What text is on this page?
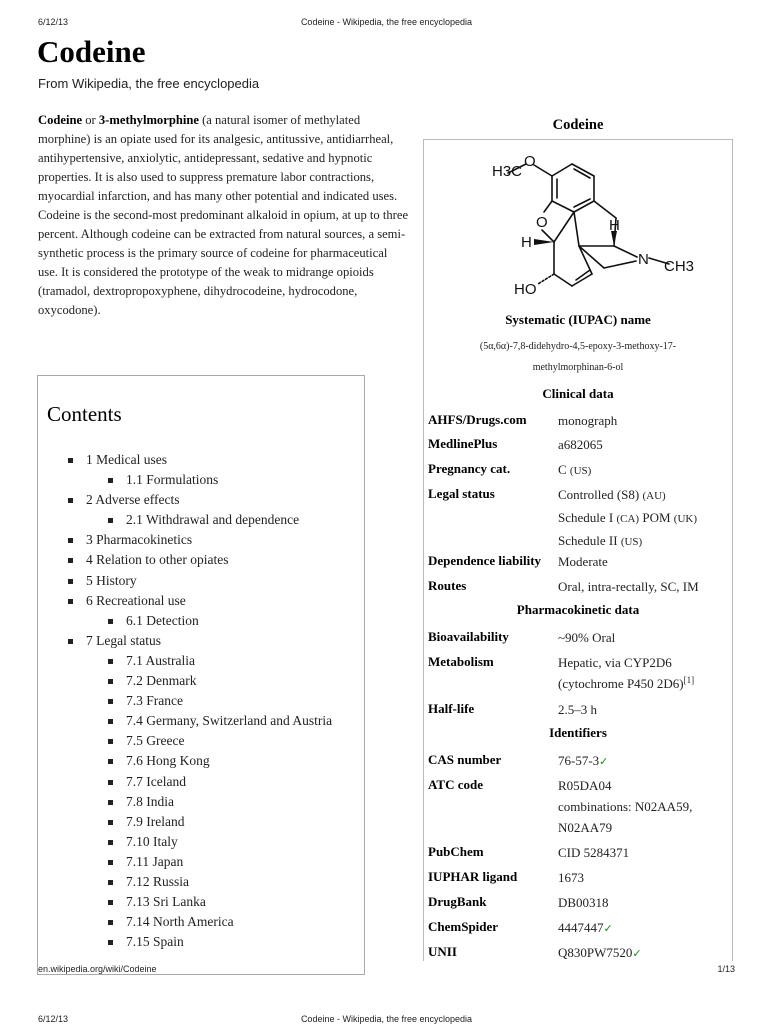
6/12/13	Codeine - Wikipedia, the free encyclopedia
Codeine
From Wikipedia, the free encyclopedia

Codeine or 3-methylmorphine (a natural isomer of methylated morphine) is an opiate used for its analgesic, antitussive, antidiarrheal, antihypertensive, anxiolytic, antidepressant, sedative and hypnotic properties. It is also used to suppress premature labor contractions, myocardial infarction, and has many other potential and indicated uses. Codeine is the second-most predominant alkaloid in opium, at up to three percent. Although codeine can be extracted from natural sources, a semi-synthetic process is the primary source of codeine for pharmaceutical use. It is considered the prototype of the weak to midrange opioids (tramadol, dextropropoxyphene, dihydrocodeine, hydrocodone, oxycodone).

Contents
1 Medical uses
1.1 Formulations
2 Adverse effects
2.1 Withdrawal and dependence
3 Pharmacokinetics
4 Relation to other opiates
5 History
6 Recreational use
6.1 Detection
7 Legal status
7.1 Australia
7.2 Denmark
7.3 France
7.4 Germany, Switzerland and Austria
7.5 Greece
7.6 Hong Kong
7.7 Iceland
7.8 India
7.9 Ireland
7.10 Italy
7.11 Japan
7.12 Russia
7.13 Sri Lanka
7.14 North America
7.15 Spain
Codeine
H3C
O
O	H
H
N CH3
HO
Systematic (IUPAC) name
(5α,6α)-7,8-didehydro-4,5-epoxy-3-methoxy-17-
methylmorphinan-6-ol
Clinical data
AHFS/Drugs.com	monograph
MedlinePlus	a682065
Pregnancy cat.	C (US)
Legal status	Controlled (S8) (AU)
Schedule I (CA) POM (UK)
Schedule II (US)
Dependence liability	Moderate
Routes	Oral, intra-rectally, SC, IM
Pharmacokinetic data
Bioavailability	~90% Oral
Metabolism	Hepatic, via CYP2D6
(cytochrome P450 2D6)[1]
Half-life	2.5–3 h
Identifiers
CAS number	76-57-3✓
ATC code	R05DA04
combinations: N02AA59,
N02AA79
PubChem	CID 5284371
IUPHAR ligand	1673
DrugBank	DB00318
ChemSpider	4447447✓
UNII	Q830PW7520✓
en.wikipedia.org/wiki/Codeine	1/13
6/12/13	Codeine - Wikipedia, the free encyclopedia
